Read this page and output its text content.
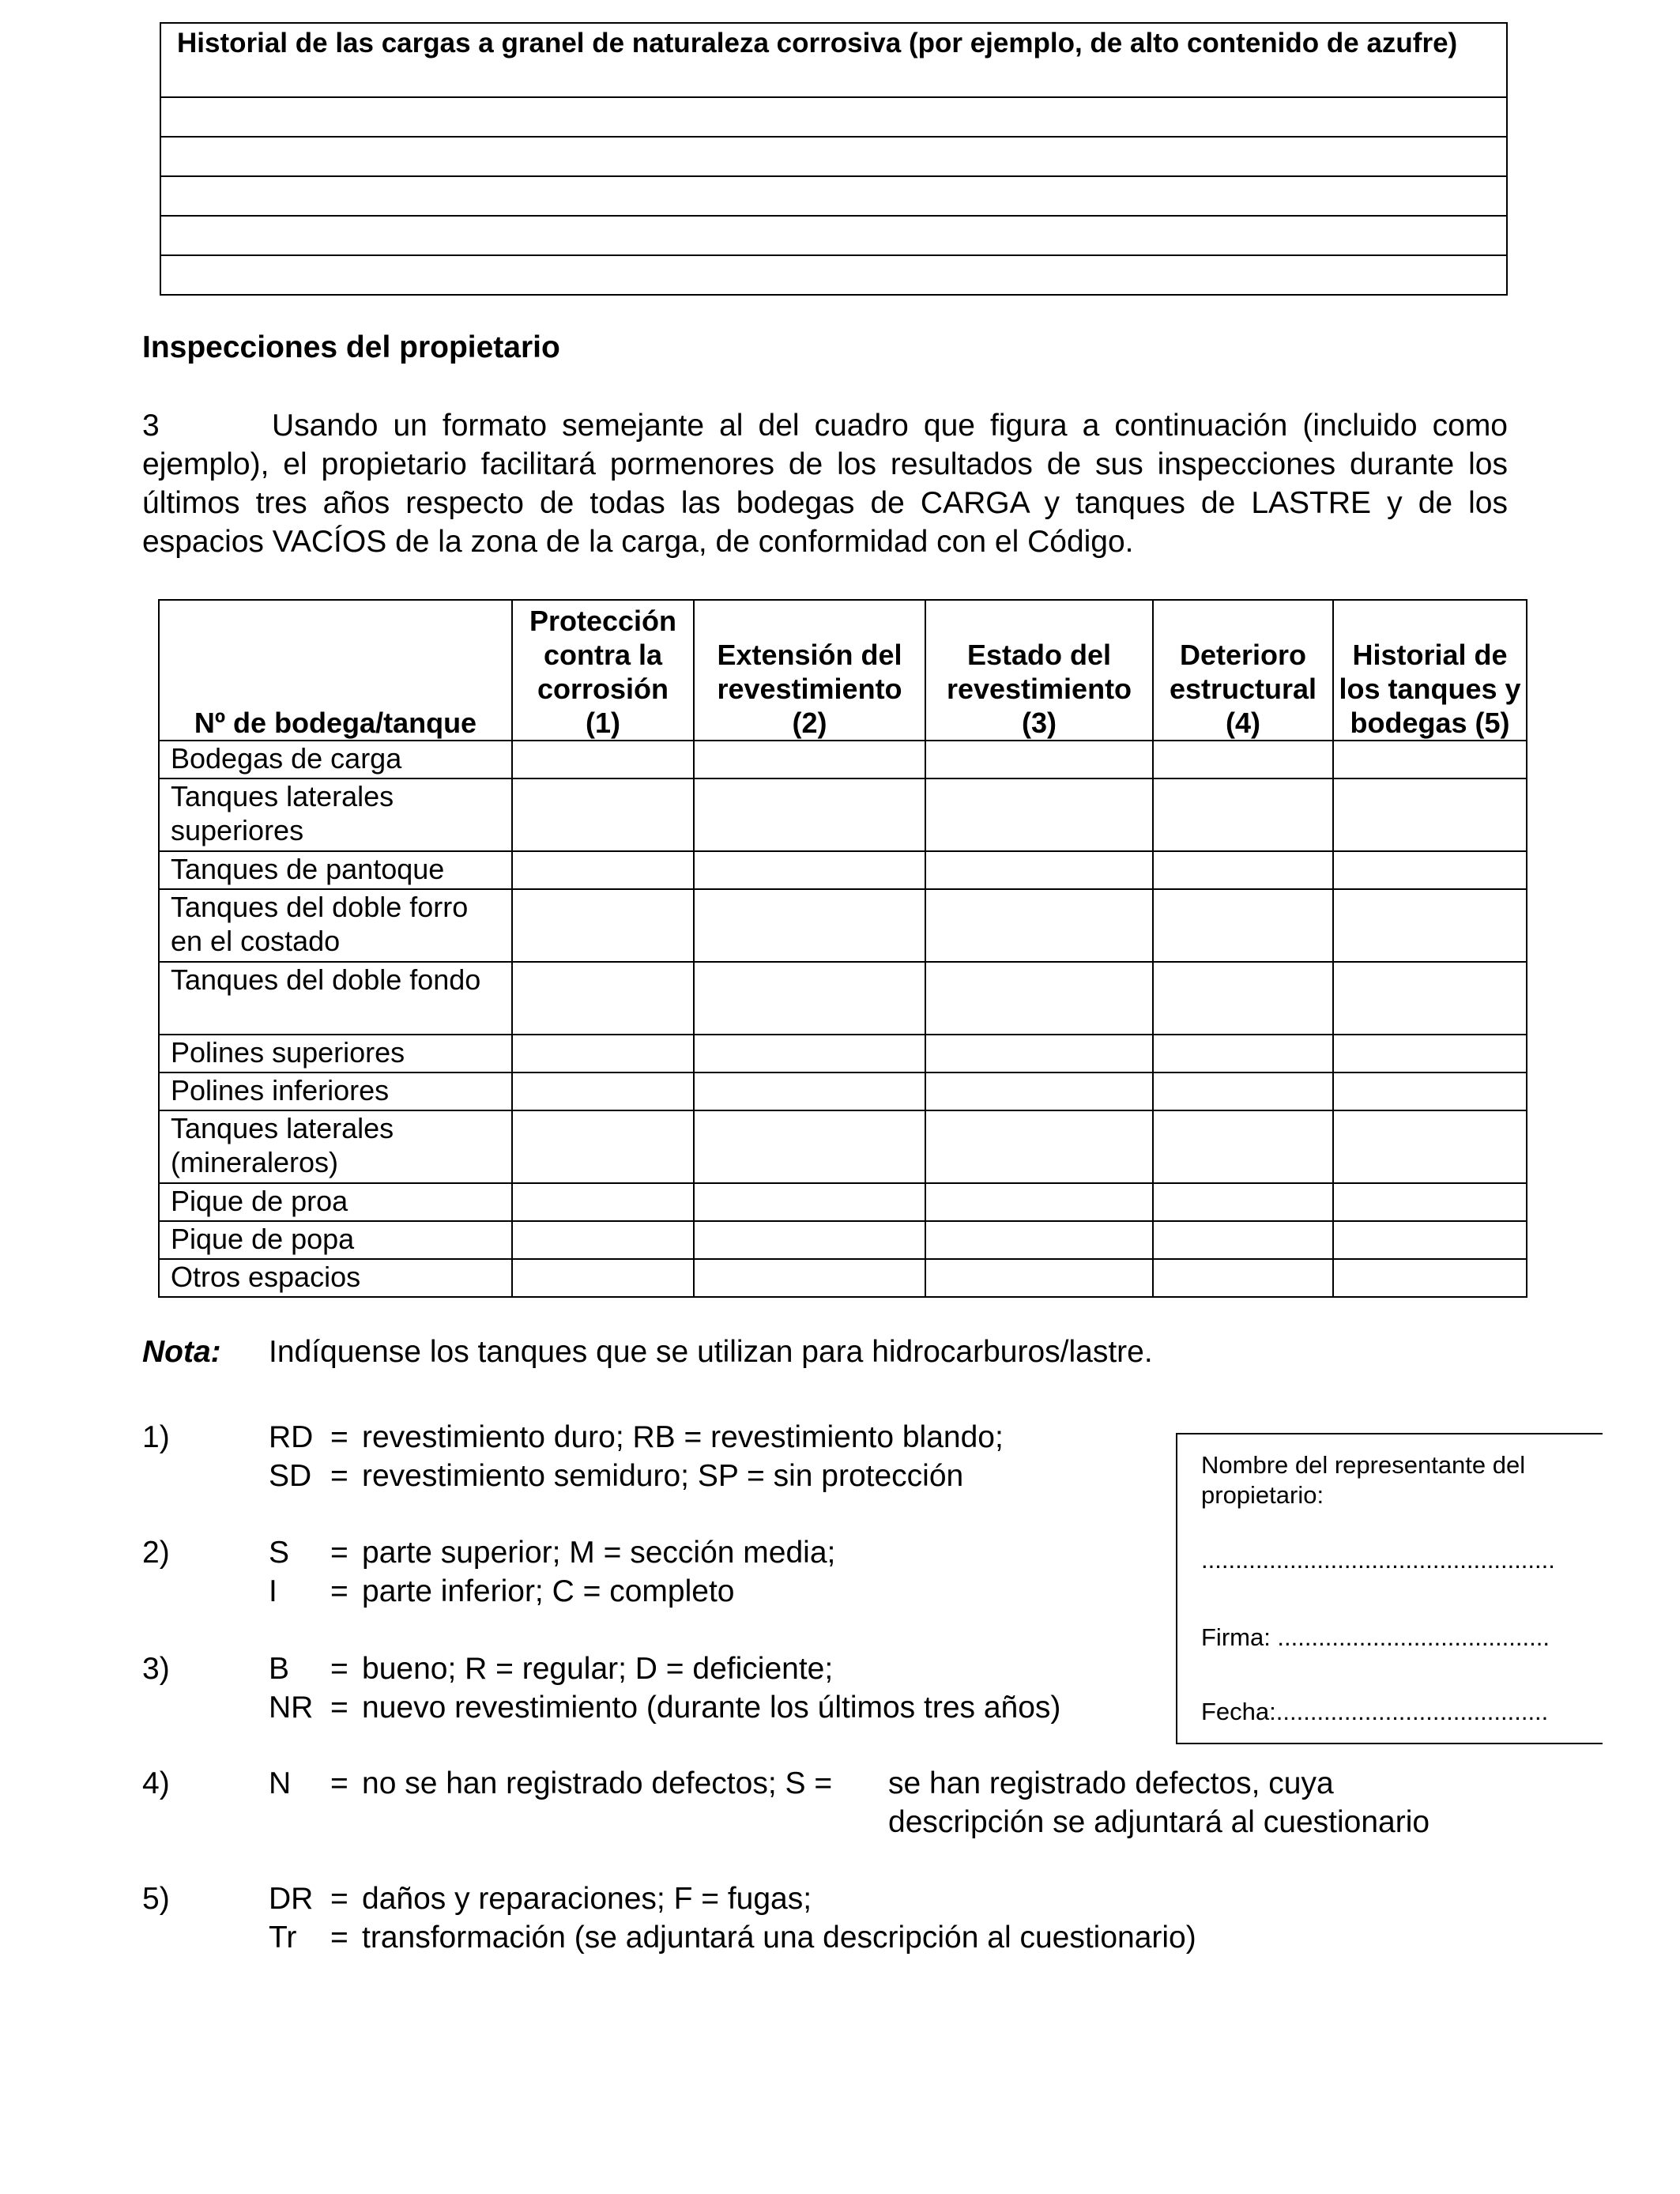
Historial de las cargas a granel de naturaleza corrosiva (por ejemplo, de alto contenido de azufre)

Inspecciones del propietario

3	Usando un formato semejante al del cuadro que figura a continuación (incluido como ejemplo), el propietario facilitará pormenores de los resultados de sus inspecciones durante los últimos tres años respecto de todas las bodegas de CARGA y tanques de LASTRE y de los espacios VACÍOS de la zona de la carga, de conformidad con el Código.

Nº de bodega/tanque	Protección contra la corrosión (1)	Extensión del revestimiento (2)	Estado del revestimiento (3)	Deterioro estructural (4)	Historial de los tanques y bodegas (5)
Bodegas de carga					
Tanques laterales superiores					
Tanques de pantoque					
Tanques del doble forro en el costado					
Tanques del doble fondo					
Polines superiores					
Polines inferiores					
Tanques laterales (mineraleros)					
Pique de proa					
Pique de popa					
Otros espacios					
Nota: Indíquense los tanques que se utilizan para hidrocarburos/lastre.
1)	RD = revestimiento duro; RB = revestimiento blando;
SD = revestimiento semiduro; SP = sin protección
2)	S = parte superior; M = sección media;
I = parte inferior; C = completo
3)	B = bueno; R = regular; D = deficiente;
NR = nuevo revestimiento (durante los últimos tres años)
4)	N = no se han registrado defectos; S = se han registrado defectos, cuya
descripción se adjuntará al cuestionario
5)	DR = daños y reparaciones; F = fugas;
Tr = transformación (se adjuntará una descripción al cuestionario)
Nombre del representante del propietario:
....................................................
Firma: ........................................
Fecha:........................................
